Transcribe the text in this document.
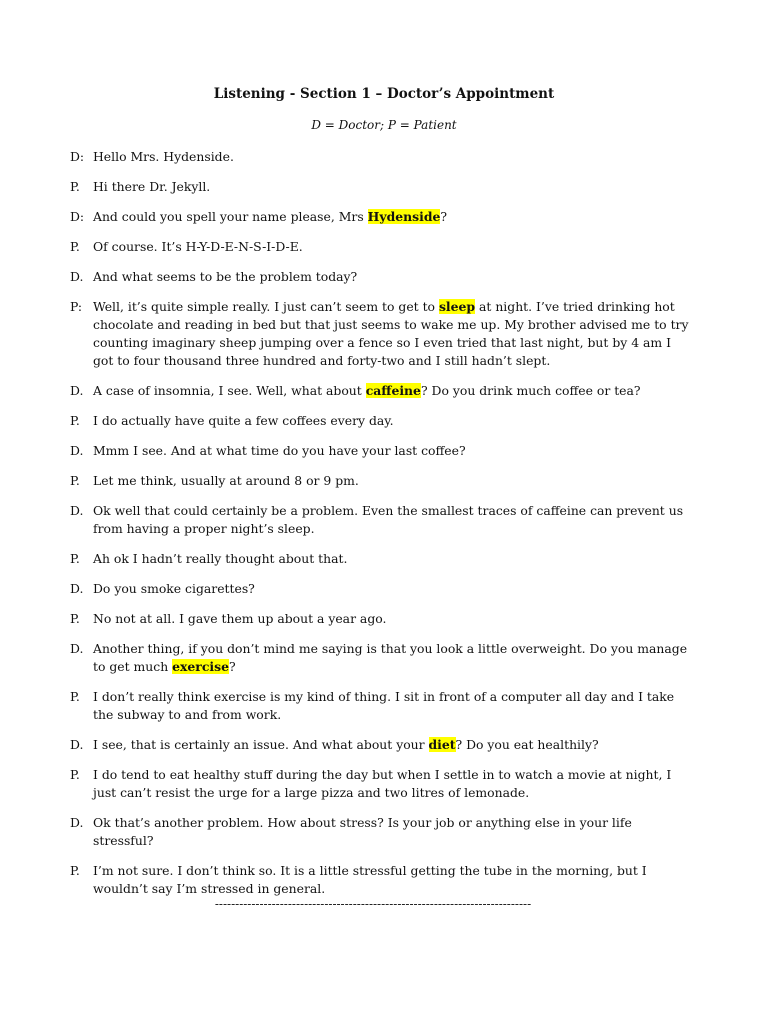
Listening - Section 1 – Doctor’s Appointment
D = Doctor; P = Patient
D: Hello Mrs. Hydenside.
P.	Hi there Dr. Jekyll.
D: And could you spell your name please, Mrs Hydenside?
P.	Of course. It’s H-Y-D-E-N-S-I-D-E.
D. And what seems to be the problem today?
P: Well, it’s quite simple really. I just can’t seem to get to sleep at night. I’ve tried drinking hot chocolate and reading in bed but that just seems to wake me up. My brother advised me to try counting imaginary sheep jumping over a fence so I even tried that last night, but by 4 am I got to four thousand three hundred and forty-two and I still hadn’t slept.
D. A case of insomnia, I see. Well, what about caffeine? Do you drink much coffee or tea?
P.	I do actually have quite a few coffees every day.
D. Mmm I see. And at what time do you have your last coffee?
P.	Let me think, usually at around 8 or 9 pm.
D. Ok well that could certainly be a problem. Even the smallest traces of caffeine can prevent us from having a proper night’s sleep.
P.	Ah ok I hadn’t really thought about that.
D. Do you smoke cigarettes?
P.	No not at all. I gave them up about a year ago.
D. Another thing, if you don’t mind me saying is that you look a little overweight. Do you manage to get much exercise?
P.	I don’t really think exercise is my kind of thing. I sit in front of a computer all day and I take the subway to and from work.
D. I see, that is certainly an issue. And what about your diet? Do you eat healthily?
P.	I do tend to eat healthy stuff during the day but when I settle in to watch a movie at night, I just can’t resist the urge for a large pizza and two litres of lemonade.
D. Ok that’s another problem. How about stress? Is your job or anything else in your life stressful?
P.	I’m not sure. I don’t think so. It is a little stressful getting the tube in the morning, but I wouldn’t say I’m stressed in general.
------------------------------------------------------------------------------
